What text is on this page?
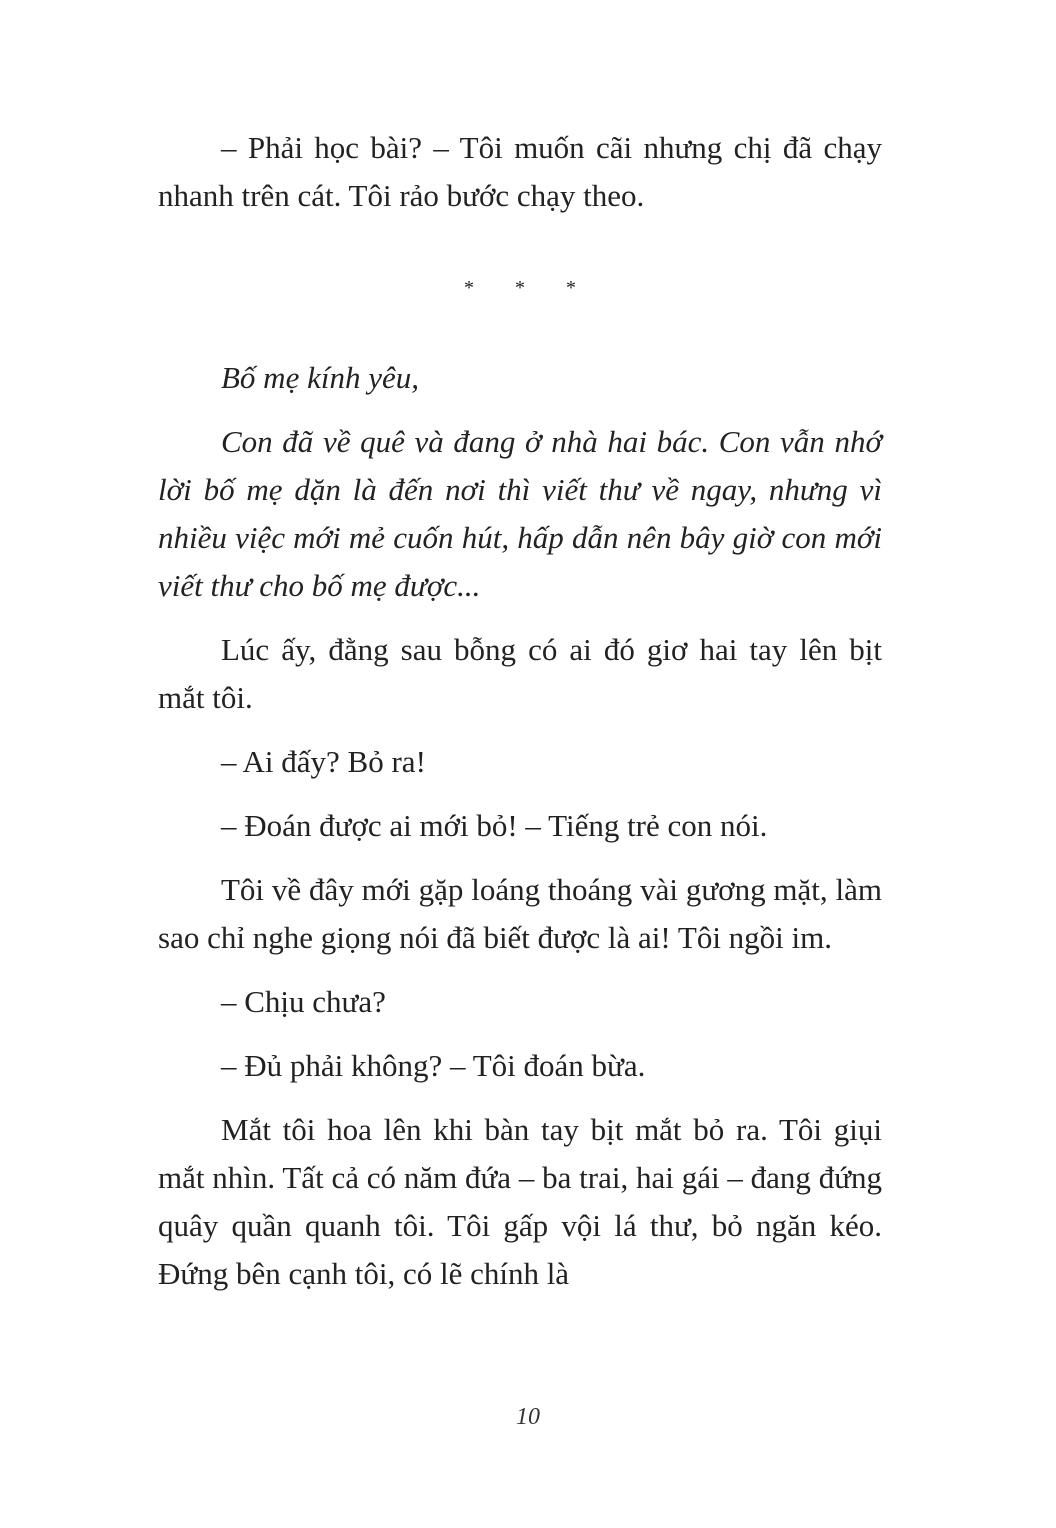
– Phải học bài? – Tôi muốn cãi nhưng chị đã chạy nhanh trên cát. Tôi rảo bước chạy theo.

* * *

Bố mẹ kính yêu,

Con đã về quê và đang ở nhà hai bác. Con vẫn nhớ lời bố mẹ dặn là đến nơi thì viết thư về ngay, nhưng vì nhiều việc mới mẻ cuốn hút, hấp dẫn nên bây giờ con mới viết thư cho bố mẹ được...

Lúc ấy, đằng sau bỗng có ai đó giơ hai tay lên bịt mắt tôi.

– Ai đấy? Bỏ ra!

– Đoán được ai mới bỏ! – Tiếng trẻ con nói.

Tôi về đây mới gặp loáng thoáng vài gương mặt, làm sao chỉ nghe giọng nói đã biết được là ai! Tôi ngồi im.

– Chịu chưa?

– Đủ phải không? – Tôi đoán bừa.

Mắt tôi hoa lên khi bàn tay bịt mắt bỏ ra. Tôi giụi mắt nhìn. Tất cả có năm đứa – ba trai, hai gái – đang đứng quây quần quanh tôi. Tôi gấp vội lá thư, bỏ ngăn kéo. Đứng bên cạnh tôi, có lẽ chính là

10
